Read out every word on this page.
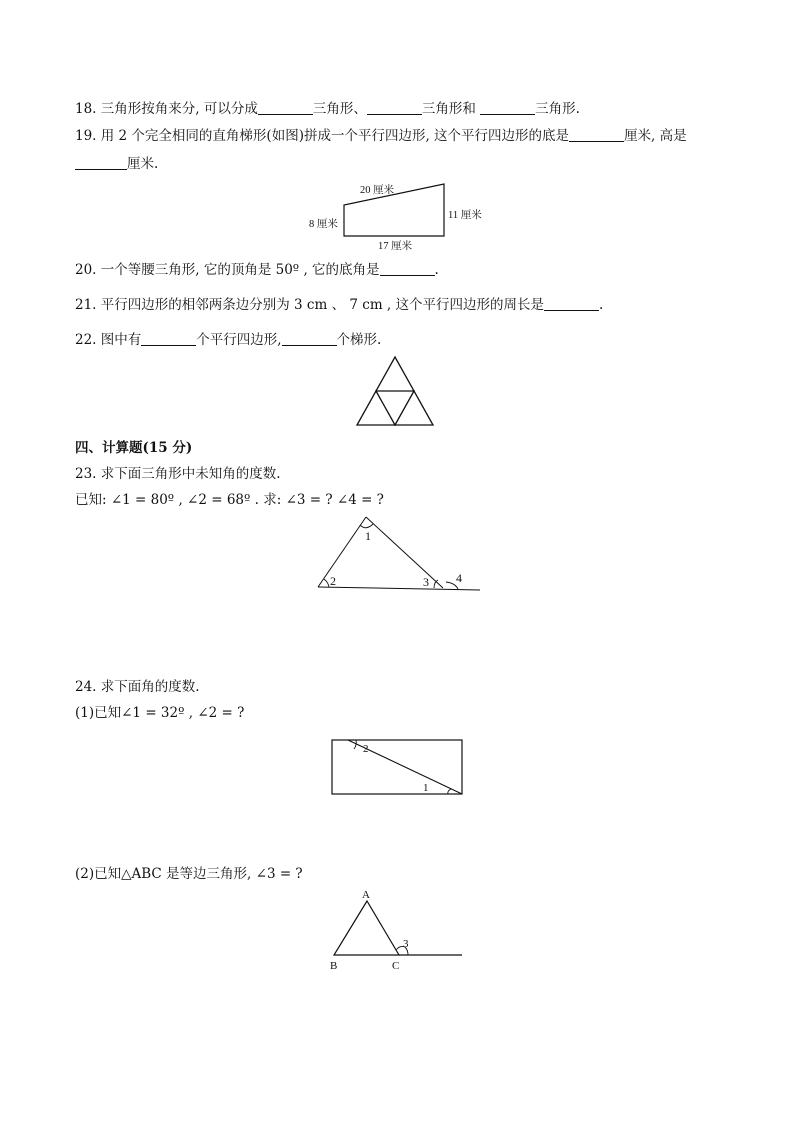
18. 三角形按角来分, 可以分成	三角形、	三角形和	三角形.
19. 用 2 个完全相同的直角梯形(如图)拼成一个平行四边形, 这个平行四边形的底是	厘米, 高是
厘米.
20 厘米
8 厘米
11 厘米
17 厘米
20. 一个等腰三角形, 它的顶角是 50º , 它的底角是	.
21. 平行四边形的相邻两条边分别为 3 cm 、 7 cm , 这个平行四边形的周长是	.
22. 图中有	个平行四边形,	个梯形.
四、计算题(15 分)
23. 求下面三角形中未知角的度数.
已知: ∠1 = 80º , ∠2 = 68º . 求: ∠3 = ? ∠4 = ?
1
2	3 4
24. 求下面角的度数.
(1)已知∠1 = 32º , ∠2 = ?
2
1
(2)已知△ABC 是等边三角形, ∠3 = ?
A
B	C
3
